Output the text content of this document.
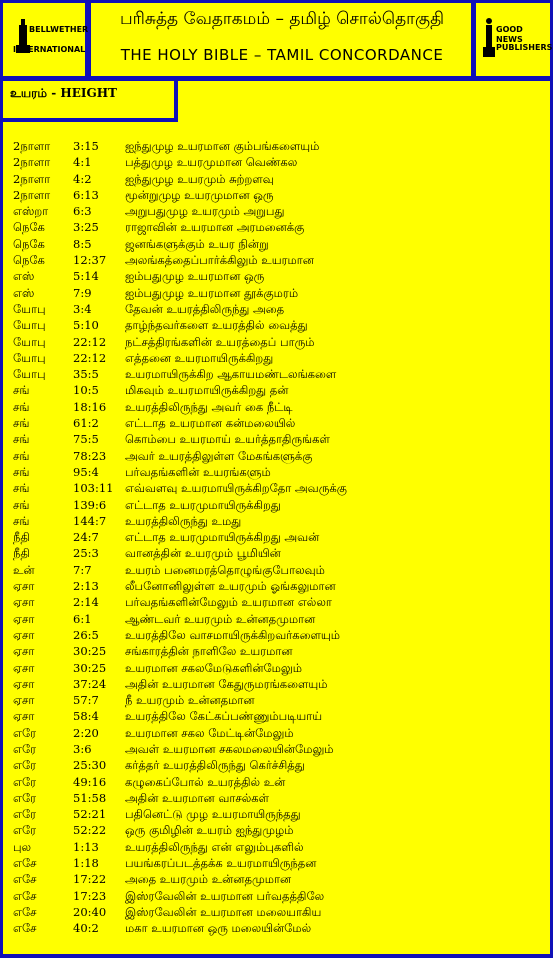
BELLWETHER
INTERNATIONAL
பரிசுத்த வேதாகமம் – தமிழ் சொல்தொகுதி
THE HOLY BIBLE – TAMIL CONCORDANCE
GOOD NEWS
PUBLISHERS
உயரம் - HEIGHT
2நாளா 3:15 ஐந்துமுழ உயரமான கும்பங்களையும்
2நாளா 4:1	பத்துமுழ உயரமுமான வெண்கல
2நாளா 4:2	ஐந்துமுழ உயரமும் சுற்றளவு
2நாளா 6:13 மூன்றுமுழ உயரமுமான ஒரு
எஸ்றா 6:3	அறுபதுமுழ உயரமும் அறுபது
நெகே 3:25 ராஜாவின் உயரமான அரமனைக்கு
நெகே 8:5	ஜனங்களுக்கும் உயர நின்று
நெகே 12:37 அலங்கத்தைப்பார்க்கிலும் உயரமான
எஸ்	5:14 ஐம்பதுமுழ உயரமான ஒரு
எஸ்	7:9	ஐம்பதுமுழ உயரமான தூக்குமரம்
யோபு 3:4	தேவன் உயரத்திலிருந்து அதை
யோபு 5:10 தாழ்ந்தவர்களை உயரத்தில் வைத்து
யோபு 22:12 நட்சத்திரங்களின் உயரத்தைப் பாரும்
யோபு 22:12 எத்தனை உயரமாயிருக்கிறது
யோபு 35:5 உயரமாயிருக்கிற ஆகாயமண்டலங்களை
சங்	10:5 மிகவும் உயரமாயிருக்கிறது தன்
சங்	18:16 உயரத்திலிருந்து அவர் கை நீட்டி
சங்	61:2 எட்டாத உயரமான கன்மலையில்
சங்	75:5 கொம்பை உயரமாய் உயர்த்தாதிருங்கள்
சங்	78:23 அவர் உயரத்திலுள்ள மேகங்களுக்கு
சங்	95:4 பர்வதங்களின் உயரங்களும்
சங்	103:11 எவ்வளவு உயரமாயிருக்கிறதோ அவருக்கு
சங்	139:6 எட்டாத உயரமுமாயிருக்கிறது
சங்	144:7 உயரத்திலிருந்து உமது
நீதி	24:7 எட்டாத உயரமுமாயிருக்கிறது அவன்
நீதி	25:3 வானத்தின் உயரமும் பூமியின்
உன்	7:7	உயரம் பனைமரத்தொழுங்குபோலவும்
ஏசா	2:13 லீபனோனிலுள்ள உயரமும் ஓங்கலுமான
ஏசா	2:14 பர்வதங்களின்மேலும் உயரமான எல்லா
ஏசா	6:1	ஆண்டவர் உயரமும் உன்னதமுமான
ஏசா	26:5 உயரத்திலே வாசமாயிருக்கிறவர்களையும்
ஏசா	30:25 சங்காரத்தின் நாளிலே உயரமான
ஏசா	30:25 உயரமான சகலமேடுகளின்மேலும்
ஏசா	37:24 அதின் உயரமான கேதுருமரங்களையும்
ஏசா	57:7 நீ உயரமும் உன்னதமான
ஏசா	58:4 உயரத்திலே கேட்கப்பண்ணும்படியாய்
எரே	2:20 உயரமான சகல மேட்டின்மேலும்
எரே	3:6	அவள் உயரமான சகலமலையின்மேலும்
எரே	25:30 கர்த்தர் உயரத்திலிருந்து கெர்ச்சித்து
எரே	49:16 கழுகைப்போல் உயரத்தில் உன்
எரே	51:58 அதின் உயரமான வாசல்கள்
எரே	52:21 பதினெட்டு முழ உயரமாயிருந்தது
எரே	52:22 ஒரு குமிழின் உயரம் ஐந்துமுழம்
புல	1:13 உயரத்திலிருந்து என் எலும்புகளில்
எசே	1:18 பயங்கரப்படத்தக்க உயரமாயிருந்தன
எசே	17:22 அதை உயரமும் உன்னதமுமான
எசே	17:23 இஸ்ரவேலின் உயரமான பர்வதத்திலே
எசே	20:40 இஸ்ரவேலின் உயரமான மலையாகிய
எசே	40:2 மகா உயரமான ஒரு மலையின்மேல்
